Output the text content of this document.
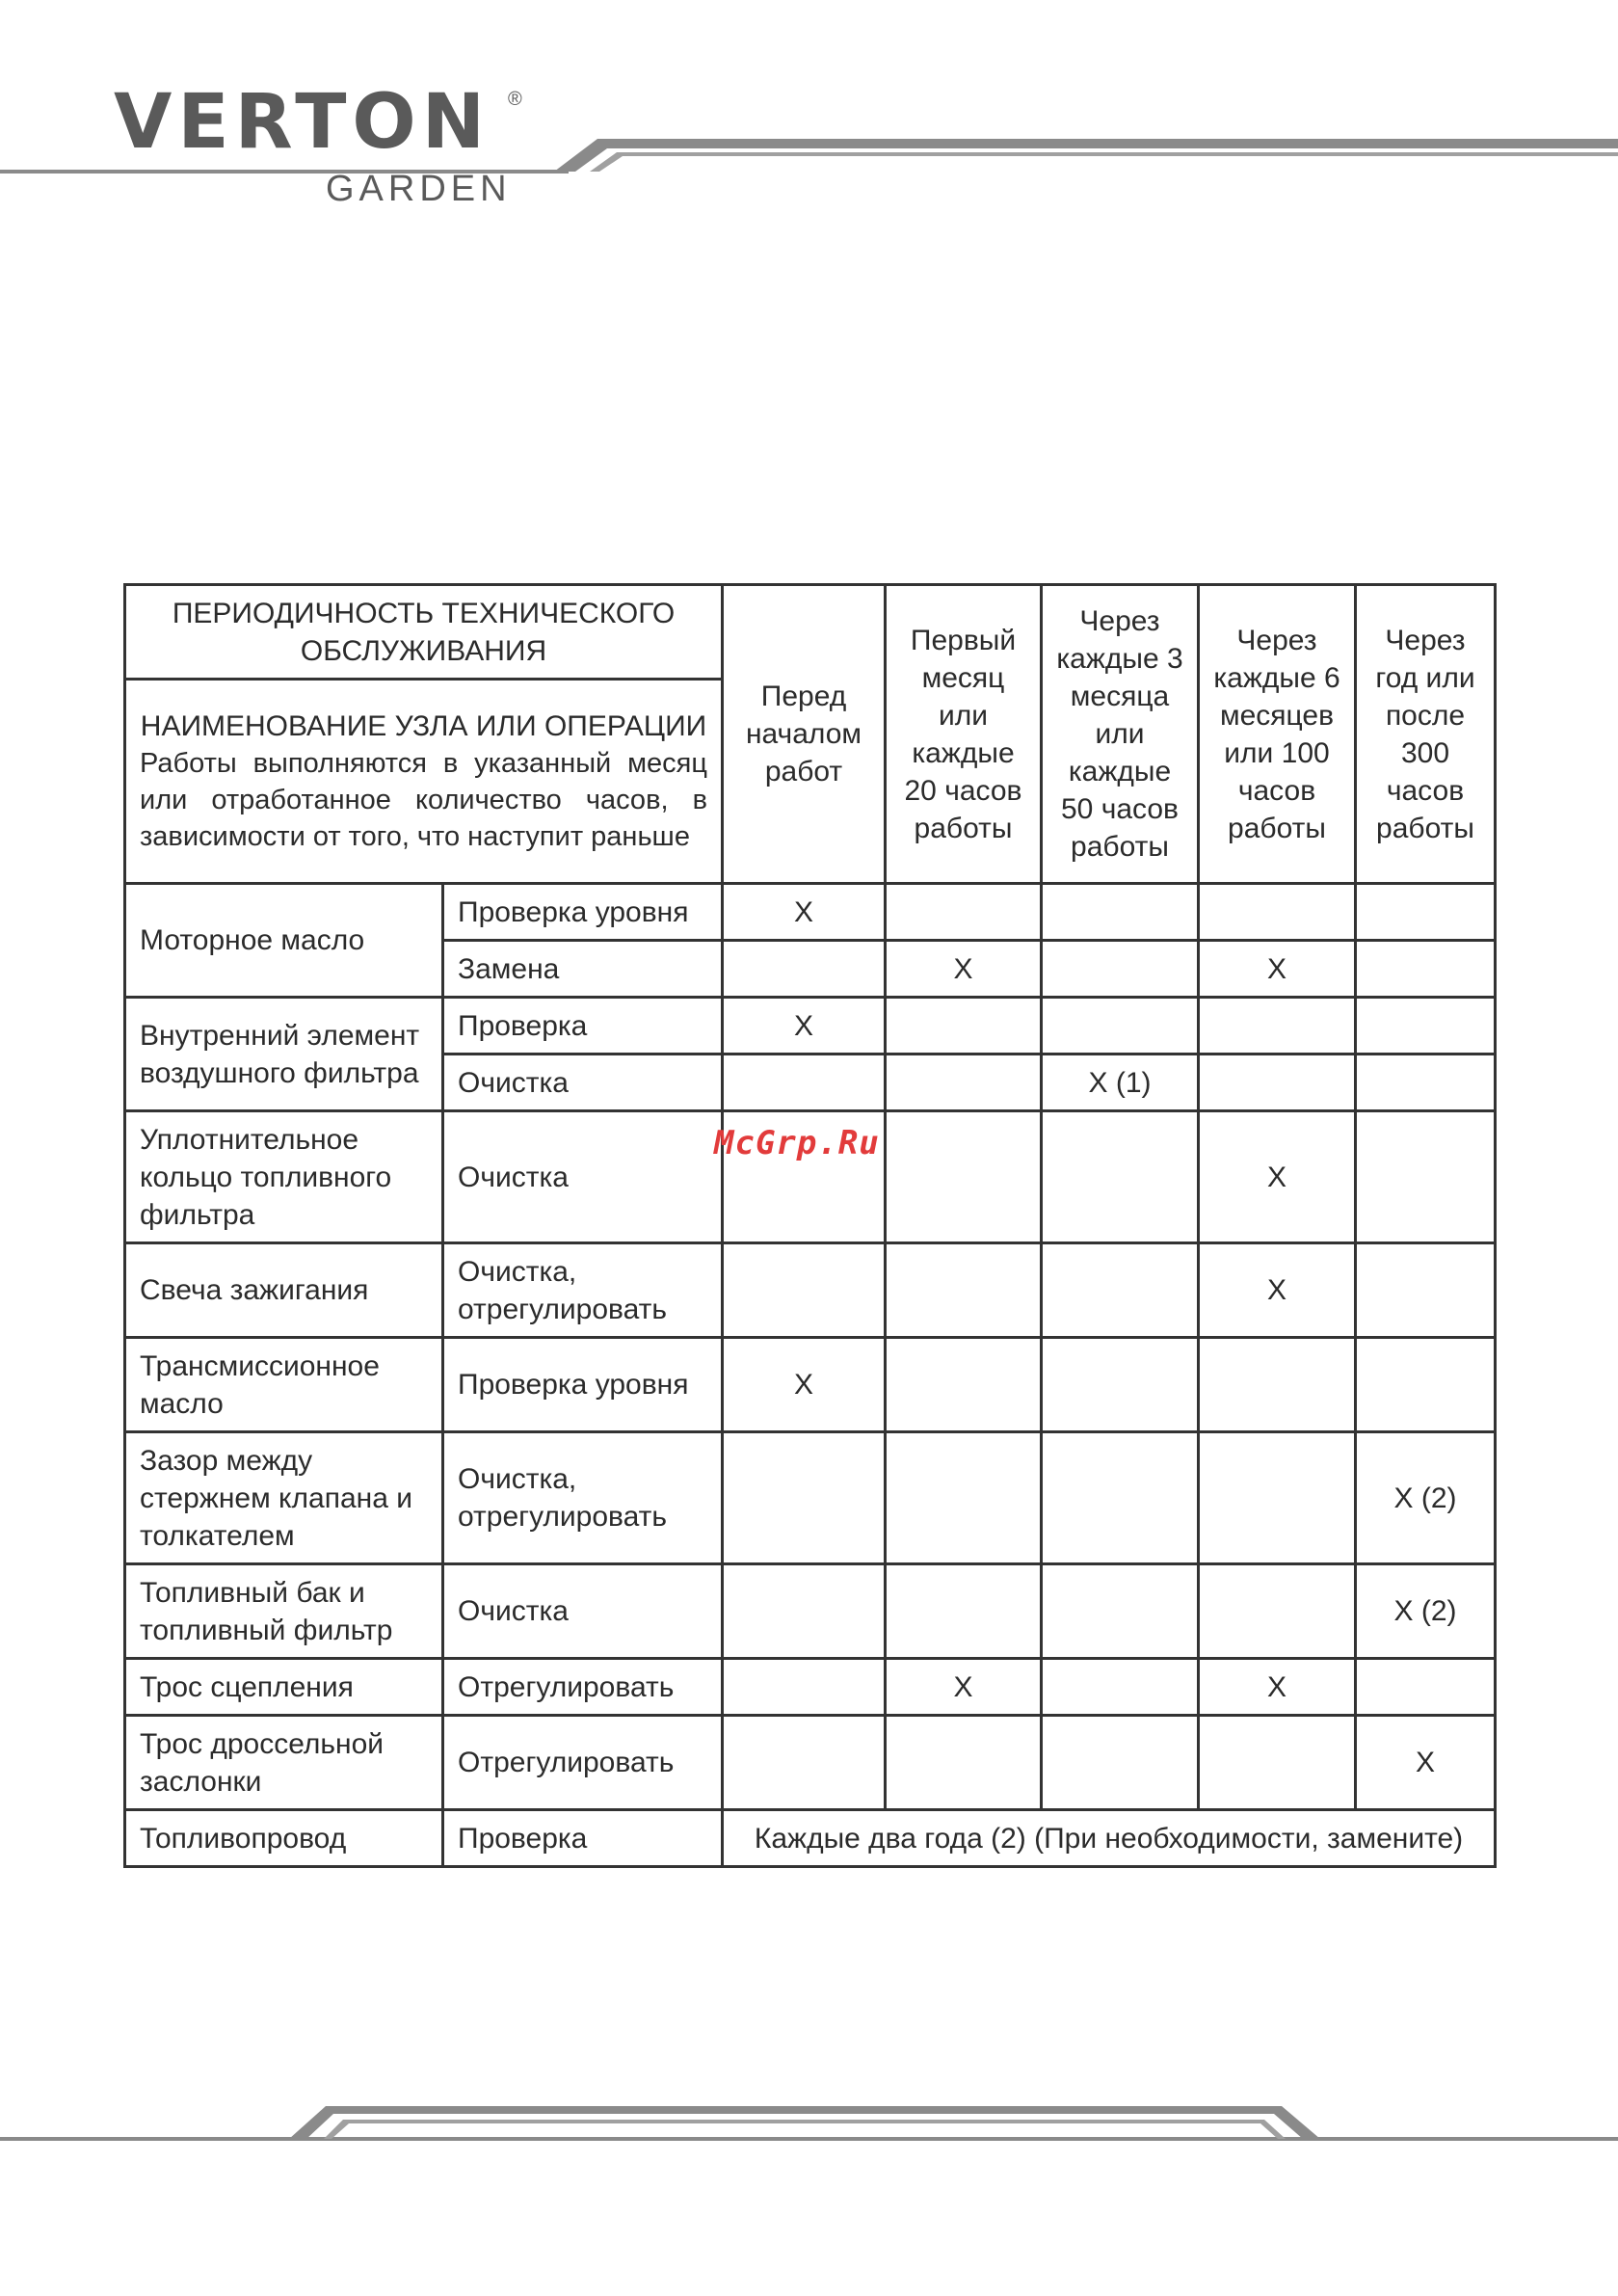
VERTON ®
GARDEN
ПЕРИОДИЧНОСТЬ ТЕХНИЧЕСКОГО ОБСЛУЖИВАНИЯ		Перед началом работ	Первый месяц или каждые 20 часов работы	Через каждые 3 месяца или каждые 50 часов работы	Через каждые 6 месяцев или 100 часов работы	Через год или после 300 часов работы

НАИМЕНОВАНИЕ УЗЛА ИЛИ ОПЕРАЦИИ
Работы выполняются в указанный месяц или отработанное количество часов, в зависимости от того, что наступит раньше						

Моторное масло	Проверка уровня	X				
	Замена		X		X	
Внутренний элемент воздушного фильтра	Проверка	X				
	Очистка			X (1)		
Уплотнительное кольцо топливного фильтра	Очистка				X	
Свеча зажигания	Очистка, отрегулировать				X	
Трансмиссионное масло	Проверка уровня	X				
Зазор между стержнем клапана и толкателем	Очистка, отрегулировать					X (2)
Топливный бак и топливный фильтр	Очистка					X (2)
Трос сцепления	Отрегулировать		X		X	
Трос дроссельной заслонки	Отрегулировать					X
Топливопровод	Проверка	Каждые два года (2) (При необходимости, замените)				
McGrp.Ru
